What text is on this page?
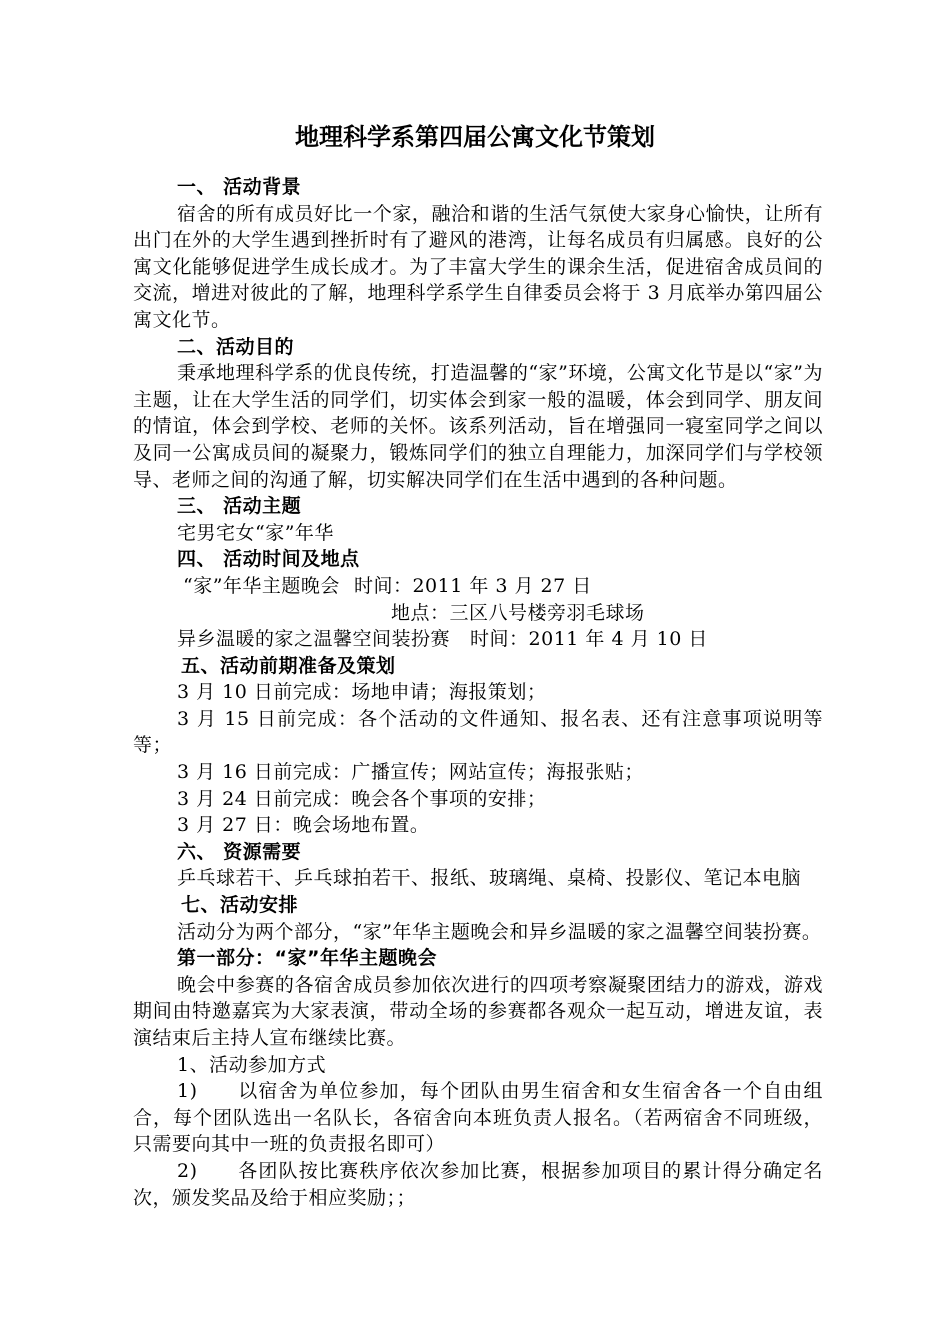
地理科学系第四届公寓文化节策划

一、 活动背景

宿舍的所有成员好比一个家，融洽和谐的生活气氛使大家身心愉快，让所有出门在外的大学生遇到挫折时有了避风的港湾，让每名成员有归属感。良好的公寓文化能够促进学生成长成才。为了丰富大学生的课余生活，促进宿舍成员间的交流，增进对彼此的了解，地理科学系学生自律委员会将于 3 月底举办第四届公寓文化节。

二、活动目的

秉承地理科学系的优良传统，打造温馨的“家”环境，公寓文化节是以“家”为主题，让在大学生活的同学们，切实体会到家一般的温暖，体会到同学、朋友间的情谊，体会到学校、老师的关怀。该系列活动，旨在增强同一寝室同学之间以及同一公寓成员间的凝聚力，锻炼同学们的独立自理能力，加深同学们与学校领导、老师之间的沟通了解，切实解决同学们在生活中遇到的各种问题。

三、 活动主题

宅男宅女“家”年华

四、 活动时间及地点

“家”年华主题晚会 时间：2011 年 3 月 27 日

地点：三区八号楼旁羽毛球场

异乡温暖的家之温馨空间装扮赛 时间：2011 年 4 月 10 日

五、活动前期准备及策划

3 月 10 日前完成：场地申请；海报策划；

3 月 15 日前完成：各个活动的文件通知、报名表、还有注意事项说明等等；

3 月 16 日前完成：广播宣传；网站宣传；海报张贴；

3 月 24 日前完成：晚会各个事项的安排；

3 月 27 日：晚会场地布置。

六、 资源需要

乒乓球若干、乒乓球拍若干、报纸、玻璃绳、桌椅、投影仪、笔记本电脑

七、活动安排

活动分为两个部分，“家”年华主题晚会和异乡温暖的家之温馨空间装扮赛。

第一部分：“家”年华主题晚会

晚会中参赛的各宿舍成员参加依次进行的四项考察凝聚团结力的游戏，游戏期间由特邀嘉宾为大家表演，带动全场的参赛都各观众一起互动，增进友谊，表演结束后主持人宣布继续比赛。

1、活动参加方式

1) 以宿舍为单位参加，每个团队由男生宿舍和女生宿舍各一个自由组合，每个团队选出一名队长，各宿舍向本班负责人报名。（若两宿舍不同班级，只需要向其中一班的负责报名即可）

2) 各团队按比赛秩序依次参加比赛，根据参加项目的累计得分确定名次，颁发奖品及给于相应奖励；；
